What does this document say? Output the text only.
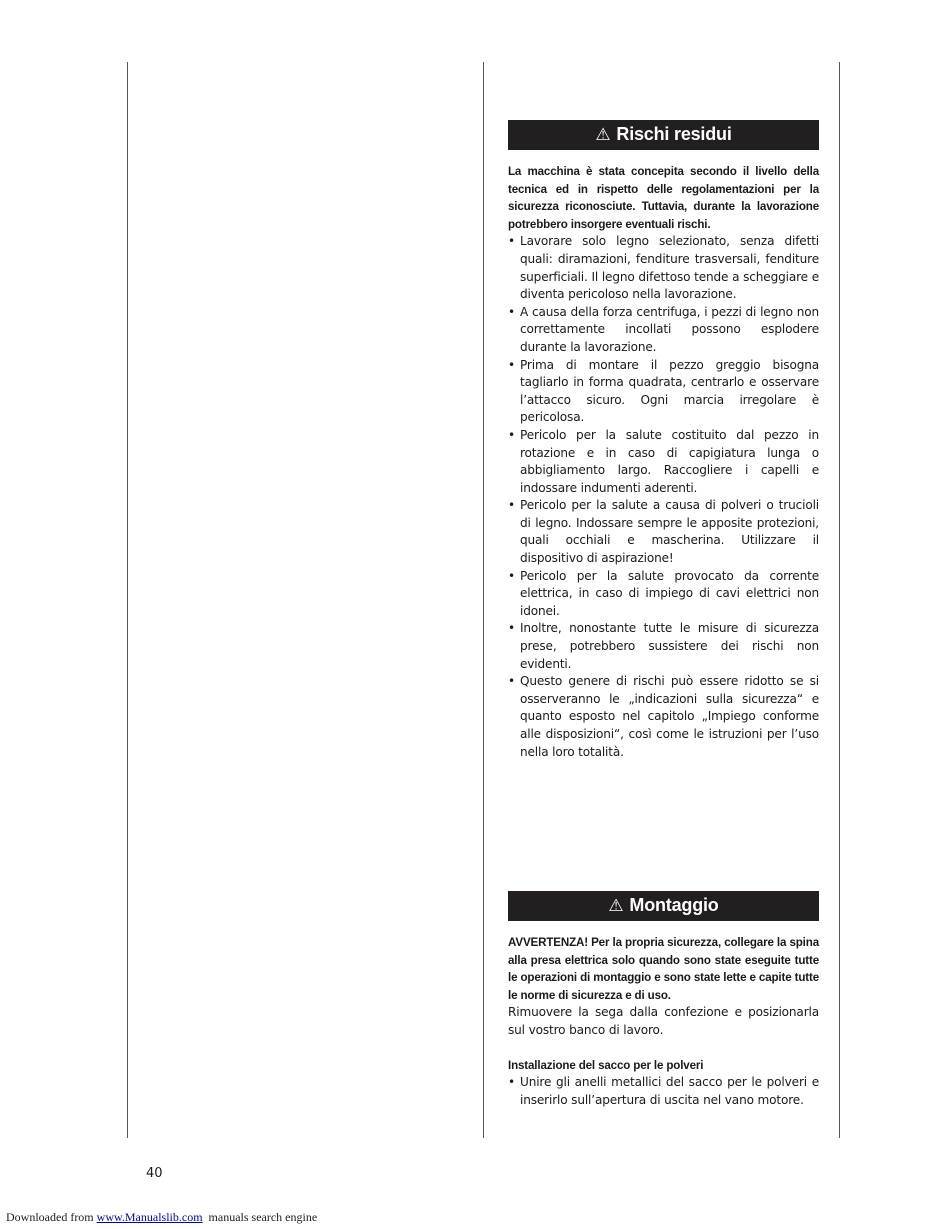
⚠ Rischi residui

La macchina è stata concepita secondo il livello della tecnica ed in rispetto delle regolamentazioni per la sicurezza riconosciute. Tuttavia, durante la lavorazione potrebbero insorgere eventuali rischi.

• Lavorare solo legno selezionato, senza difetti quali: diramazioni, fenditure trasversali, fenditure superficiali. Il legno difettoso tende a scheggiare e diventa pericoloso nella lavorazione.
• A causa della forza centrifuga, i pezzi di legno non correttamente incollati possono esplodere durante la lavorazione.
• Prima di montare il pezzo greggio bisogna tagliarlo in forma quadrata, centrarlo e osservare l’attacco sicuro. Ogni marcia irregolare è pericolosa.
• Pericolo per la salute costituito dal pezzo in rotazione e in caso di capigiatura lunga o abbigliamento largo. Raccogliere i capelli e indossare indumenti aderenti.
• Pericolo per la salute a causa di polveri o trucioli di legno. Indossare sempre le apposite protezioni, quali occhiali e mascherina. Utilizzare il dispositivo di aspirazione!
• Pericolo per la salute provocato da corrente elettrica, in caso di impiego di cavi elettrici non idonei.
• Inoltre, nonostante tutte le misure di sicurezza prese, potrebbero sussistere dei rischi non evidenti.
• Questo genere di rischi può essere ridotto se si osserveranno le „indicazioni sulla sicurezza“ e quanto esposto nel capitolo „Impiego conforme alle disposizioni“, così come le istruzioni per l’uso nella loro totalità.
⚠ Montaggio

AVVERTENZA! Per la propria sicurezza, collegare la spina alla presa elettrica solo quando sono state eseguite tutte le operazioni di montaggio e sono state lette e capite tutte le norme di sicurezza e di uso.

Rimuovere la sega dalla confezione e posizionarla sul vostro banco di lavoro.

Installazione del sacco per le polveri

• Unire gli anelli metallici del sacco per le polveri e inserirlo sull’apertura di uscita nel vano motore.
40
Downloaded from www.Manualslib.com  manuals search engine
